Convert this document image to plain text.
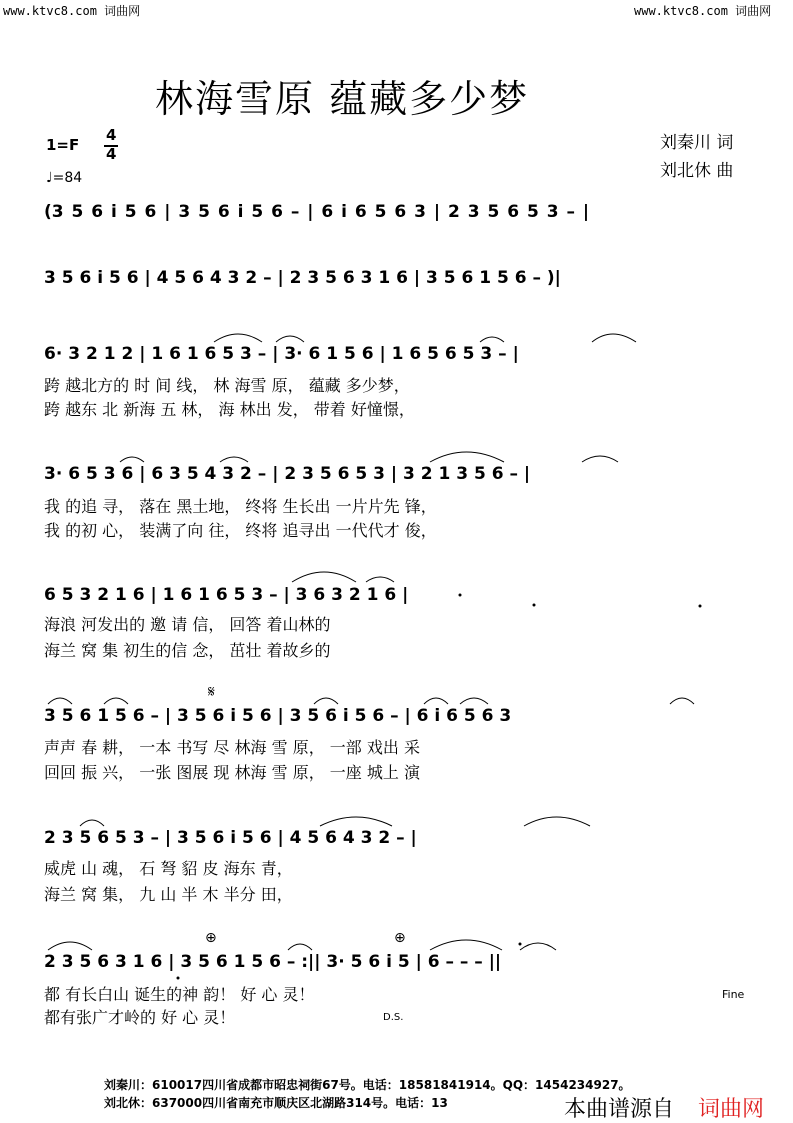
www.ktvc8.com 词曲网	www.ktvc8.com 词曲网
林海雪原 蕴藏多少梦
1=F
4
4
♩=84
刘秦川 词
刘北休 曲
(3 5 6 i 5 6 | 3 5 6 i 5 6 – | 6 i 6 5 6 3 | 2 3 5 6 5 3 – |
3 5 6 i 5 6 | 4 5 6 4 3 2 – | 2 3 5 6 3 1 6 | 3 5 6 1 5 6 – )|
6· 3 2 1 2 | 1 6 1 6 5 3 – | 3· 6 1 5 6 | 1 6 5 6 5 3 – |
跨 越北方的 时 间 线， 林 海雪 原， 蕴藏 多少梦，
跨 越东 北 新海 五 林， 海 林出 发， 带着 好憧憬，
3· 6 5 3 6 | 6 3 5 4 3 2 – | 2 3 5 6 5 3 | 3 2 1 3 5 6 – |
我 的追 寻， 落在 黑土地， 终将 生长出 一片片先 锋，
我 的初 心， 装满了向 往， 终将 追寻出 一代代才 俊，
6 5 3 2 1 6 | 1 6 1 6 5 3 – | 3 6 3 2 1 6 |
海浪 河发出的 邀 请 信， 回答 着山林的
海兰 窝 集 初生的信 念， 茁壮 着故乡的
𝄋
3 5 6 1 5 6 – | 3 5 6 i 5 6 | 3 5 6 i 5 6 – | 6 i 6 5 6 3
声声 春 耕， 一本 书写 尽 林海 雪 原， 一部 戏出 采
回回 振 兴， 一张 图展 现 林海 雪 原， 一座 城上 演
2 3 5 6 5 3 – | 3 5 6 i 5 6 | 4 5 6 4 3 2 – |
威虎 山 魂， 石 弩 貂 皮 海东 青，
海兰 窝 集， 九 山 半 木 半分 田，
⊕	⊕
2 3 5 6 3 1 6 | 3 5 6 1 5 6 – :|| 3· 5 6 i 5 | 6 – – – ||
都 有长白山 诞生的神 韵！ 好 心 灵！
都有张广才岭的 好 心 灵！
Fine
D.S.
刘秦川：610017四川省成都市昭忠祠街67号。电话：18581841914。QQ：1454234927。
刘北休：637000四川省南充市顺庆区北湖路314号。电话：13	本曲谱源自 词曲网
